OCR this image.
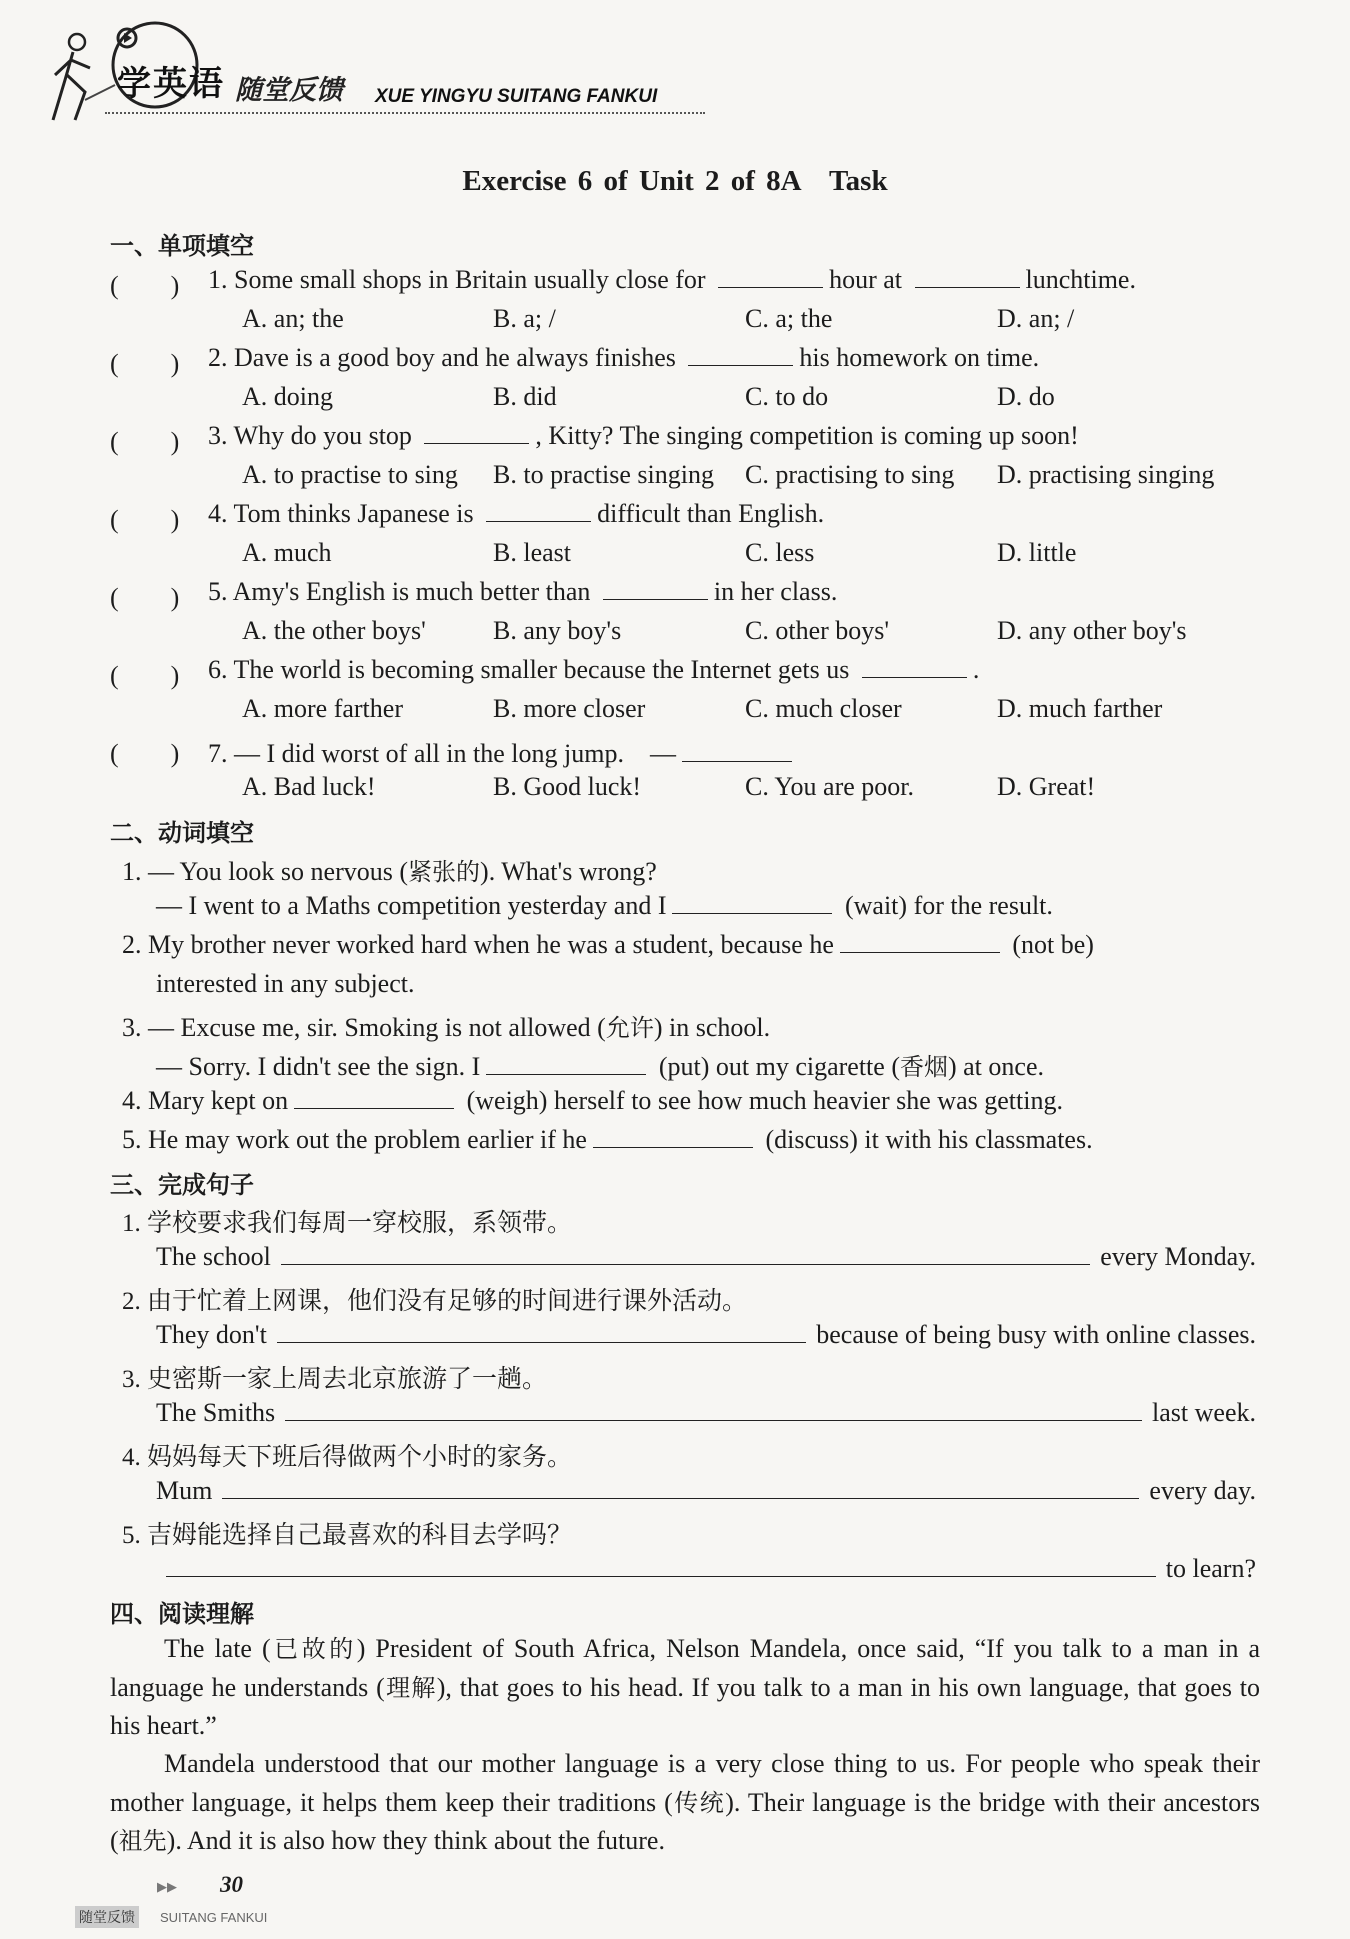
学英语 随堂反馈 XUE YINGYU SUITANG FANKUI
Exercise 6 of Unit 2 of 8A　Task
一、单项填空
(　　) 1. Some small shops in Britain usually close for	hour at	lunchtime.
A. an; the	B. a; /	C. a; the	D. an; /
(　　) 2. Dave is a good boy and he always finishes	his homework on time.
A. doing	B. did	C. to do	D. do
(　　) 3. Why do you stop	, Kitty? The singing competition is coming up soon!
A. to practise to sing B. to practise singing C. practising to sing D. practising singing
(　　) 4. Tom thinks Japanese is	difficult than English.
A. much	B. least	C. less	D. little
(　　) 5. Amy's English is much better than	in her class.
A. the other boys'	B. any boy's	C. other boys'	D. any other boy's
(　　) 6. The world is becoming smaller because the Internet gets us	.
A. more farther	B. more closer	C. much closer	D. much farther
(　　) 7. — I did worst of all in the long jump.　—
A. Bad luck!	B. Good luck!	C. You are poor.	D. Great!
二、动词填空
1. — You look so nervous (紧张的). What's wrong?
— I went to a Maths competition yesterday and I	(wait) for the result.
2. My brother never worked hard when he was a student, because he	(not be)
interested in any subject.
3. — Excuse me, sir. Smoking is not allowed (允许) in school.
— Sorry. I didn't see the sign. I	(put) out my cigarette (香烟) at once.
4. Mary kept on	(weigh) herself to see how much heavier she was getting.
5. He may work out the problem earlier if he	(discuss) it with his classmates.
三、完成句子
1. 学校要求我们每周一穿校服，系领带。
The school	every Monday.
2. 由于忙着上网课，他们没有足够的时间进行课外活动。
They don't	because of being busy with online classes.
3. 史密斯一家上周去北京旅游了一趟。
The Smiths	last week.
4. 妈妈每天下班后得做两个小时的家务。
Mum	every day.
5. 吉姆能选择自己最喜欢的科目去学吗？
to learn?
四、阅读理解
The late (已故的) President of South Africa, Nelson Mandela, once said, “If you talk to a man in a language he understands (理解), that goes to his head. If you talk to a man in his own language, that goes to his heart.”
Mandela understood that our mother language is a very close thing to us. For people who speak their mother language, it helps them keep their traditions (传统). Their language is the bridge with their ancestors (祖先). And it is also how they think about the future.
▶▶ 30
随堂反馈	SUITANG FANKUI
